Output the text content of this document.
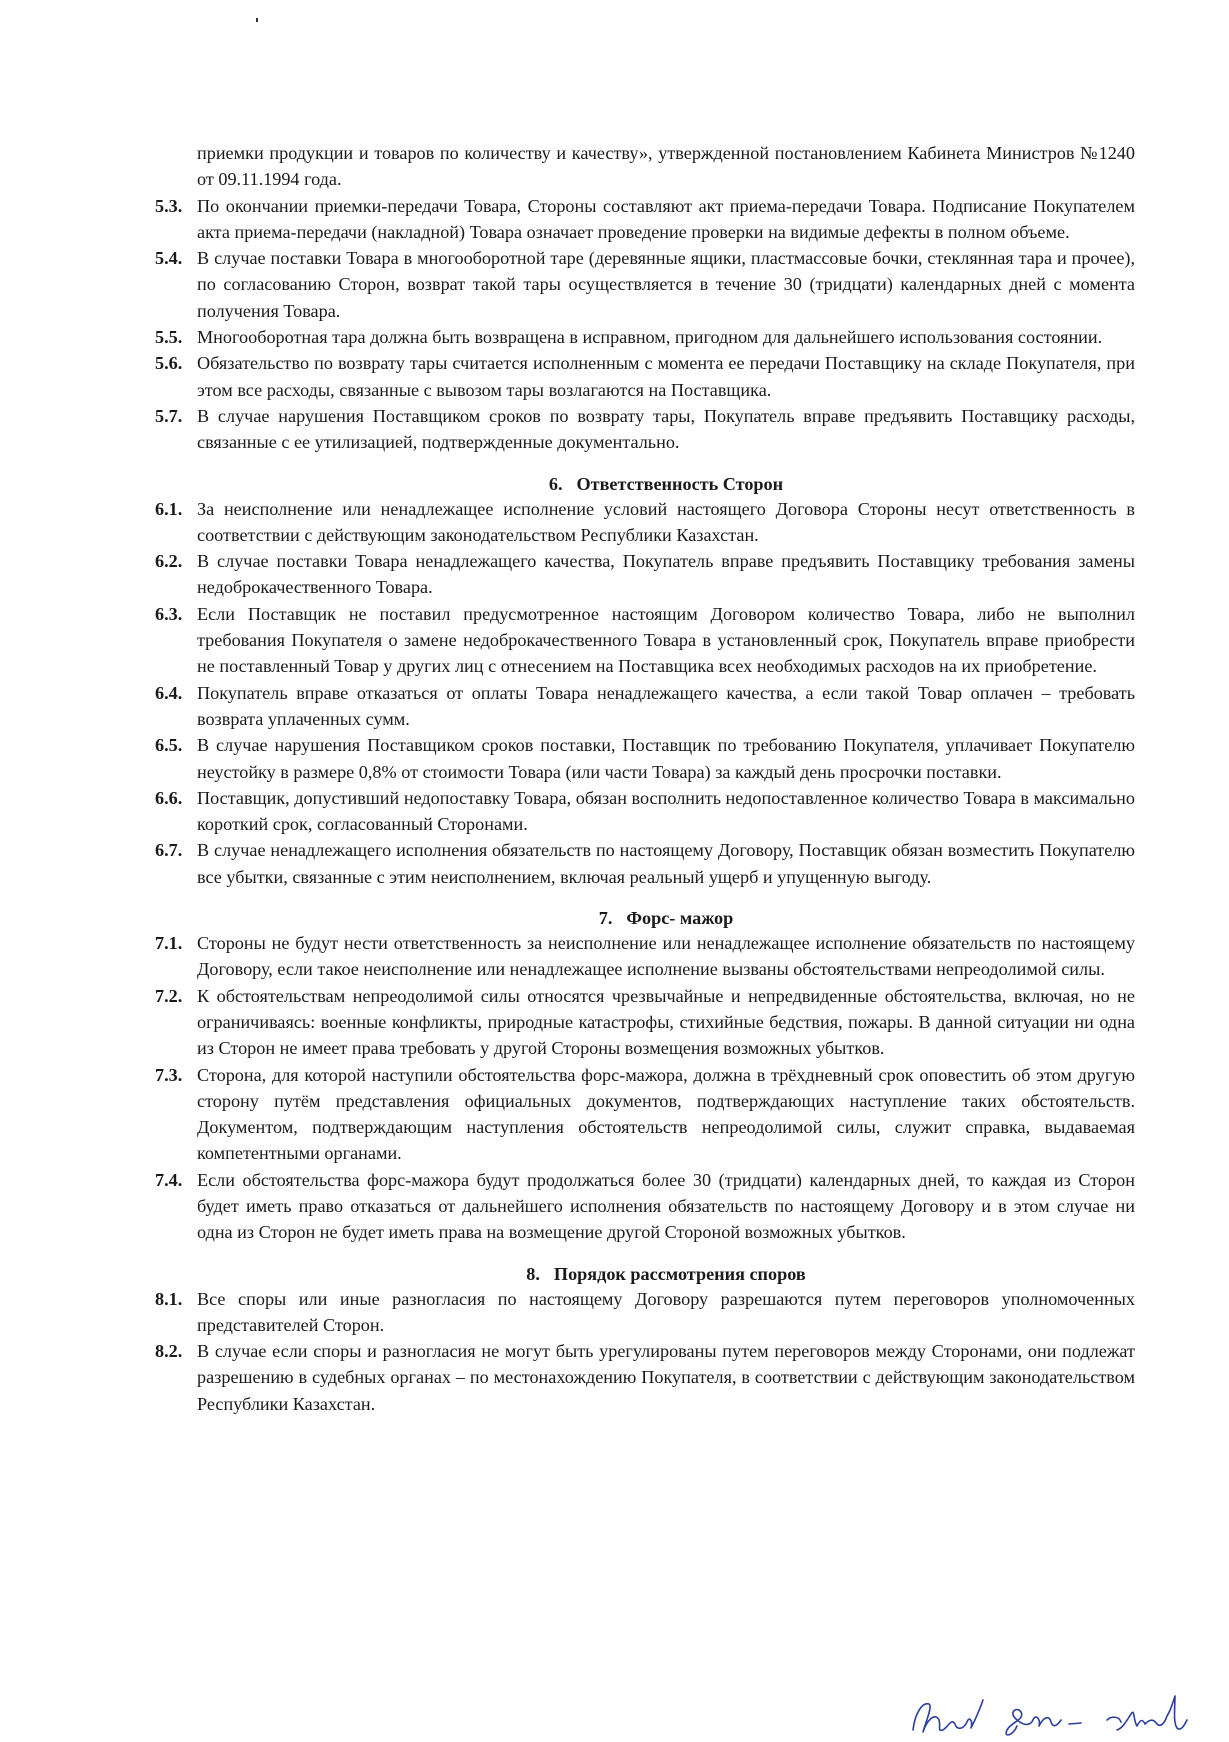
приемки продукции и товаров по количеству и качеству», утвержденной постановлением Кабинета Министров №1240 от 09.11.1994 года.
5.3. По окончании приемки-передачи Товара, Стороны составляют акт приема-передачи Товара. Подписание Покупателем акта приема-передачи (накладной) Товара означает проведение проверки на видимые дефекты в полном объеме.
5.4. В случае поставки Товара в многооборотной таре (деревянные ящики, пластмассовые бочки, стеклянная тара и прочее), по согласованию Сторон, возврат такой тары осуществляется в течение 30 (тридцати) календарных дней с момента получения Товара.
5.5. Многооборотная тара должна быть возвращена в исправном, пригодном для дальнейшего использования состоянии.
5.6. Обязательство по возврату тары считается исполненным с момента ее передачи Поставщику на складе Покупателя, при этом все расходы, связанные с вывозом тары возлагаются на Поставщика.
5.7. В случае нарушения Поставщиком сроков по возврату тары, Покупатель вправе предъявить Поставщику расходы, связанные с ее утилизацией, подтвержденные документально.
6. Ответственность Сторон
6.1. За неисполнение или ненадлежащее исполнение условий настоящего Договора Стороны несут ответственность в соответствии с действующим законодательством Республики Казахстан.
6.2. В случае поставки Товара ненадлежащего качества, Покупатель вправе предъявить Поставщику требования замены недоброкачественного Товара.
6.3. Если Поставщик не поставил предусмотренное настоящим Договором количество Товара, либо не выполнил требования Покупателя о замене недоброкачественного Товара в установленный срок, Покупатель вправе приобрести не поставленный Товар у других лиц с отнесением на Поставщика всех необходимых расходов на их приобретение.
6.4. Покупатель вправе отказаться от оплаты Товара ненадлежащего качества, а если такой Товар оплачен – требовать возврата уплаченных сумм.
6.5. В случае нарушения Поставщиком сроков поставки, Поставщик по требованию Покупателя, уплачивает Покупателю неустойку в размере 0,8% от стоимости Товара (или части Товара) за каждый день просрочки поставки.
6.6. Поставщик, допустивший недопоставку Товара, обязан восполнить недопоставленное количество Товара в максимально короткий срок, согласованный Сторонами.
6.7. В случае ненадлежащего исполнения обязательств по настоящему Договору, Поставщик обязан возместить Покупателю все убытки, связанные с этим неисполнением, включая реальный ущерб и упущенную выгоду.
7. Форс- мажор
7.1. Стороны не будут нести ответственность за неисполнение или ненадлежащее исполнение обязательств по настоящему Договору, если такое неисполнение или ненадлежащее исполнение вызваны обстоятельствами непреодолимой силы.
7.2. К обстоятельствам непреодолимой силы относятся чрезвычайные и непредвиденные обстоятельства, включая, но не ограничиваясь: военные конфликты, природные катастрофы, стихийные бедствия, пожары. В данной ситуации ни одна из Сторон не имеет права требовать у другой Стороны возмещения возможных убытков.
7.3. Сторона, для которой наступили обстоятельства форс-мажора, должна в трёхдневный срок оповестить об этом другую сторону путём представления официальных документов, подтверждающих наступление таких обстоятельств. Документом, подтверждающим наступления обстоятельств непреодолимой силы, служит справка, выдаваемая компетентными органами.
7.4. Если обстоятельства форс-мажора будут продолжаться более 30 (тридцати) календарных дней, то каждая из Сторон будет иметь право отказаться от дальнейшего исполнения обязательств по настоящему Договору и в этом случае ни одна из Сторон не будет иметь права на возмещение другой Стороной возможных убытков.
8. Порядок рассмотрения споров
8.1. Все споры или иные разногласия по настоящему Договору разрешаются путем переговоров уполномоченных представителей Сторон.
8.2. В случае если споры и разногласия не могут быть урегулированы путем переговоров между Сторонами, они подлежат разрешению в судебных органах – по местонахождению Покупателя, в соответствии с действующим законодательством Республики Казахстан.
